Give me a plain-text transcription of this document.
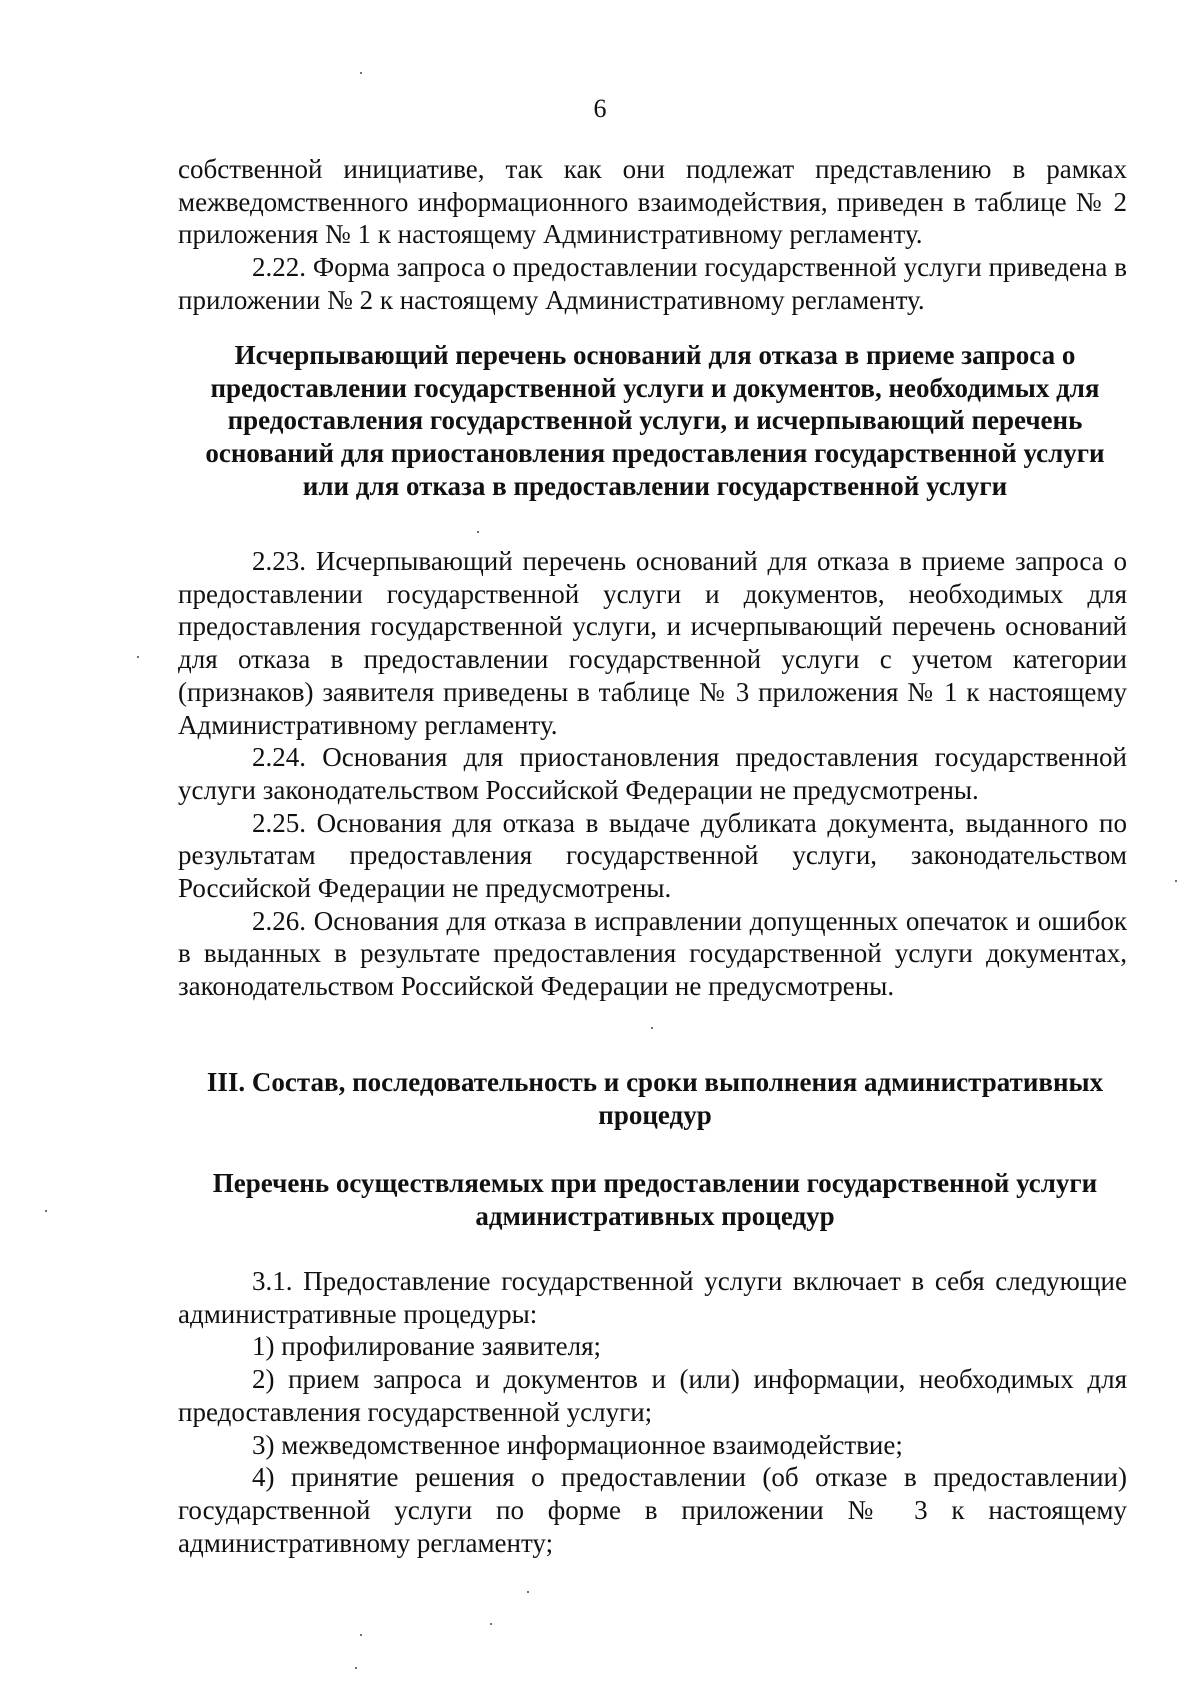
6

собственной инициативе, так как они подлежат представлению в рамках межведомственного информационного взаимодействия, приведен в таблице № 2 приложения № 1 к настоящему Административному регламенту.

2.22. Форма запроса о предоставлении государственной услуги приведена в приложении № 2 к настоящему Административному регламенту.

Исчерпывающий перечень оснований для отказа в приеме запроса о предоставлении государственной услуги и документов, необходимых для предоставления государственной услуги, и исчерпывающий перечень оснований для приостановления предоставления государственной услуги или для отказа в предоставлении государственной услуги

2.23. Исчерпывающий перечень оснований для отказа в приеме запроса о предоставлении государственной услуги и документов, необходимых для предоставления государственной услуги, и исчерпывающий перечень оснований для отказа в предоставлении государственной услуги с учетом категории (признаков) заявителя приведены в таблице № 3 приложения № 1 к настоящему Административному регламенту.

2.24. Основания для приостановления предоставления государственной услуги законодательством Российской Федерации не предусмотрены.

2.25. Основания для отказа в выдаче дубликата документа, выданного по результатам предоставления государственной услуги, законодательством Российской Федерации не предусмотрены.

2.26. Основания для отказа в исправлении допущенных опечаток и ошибок в выданных в результате предоставления государственной услуги документах, законодательством Российской Федерации не предусмотрены.

III. Состав, последовательность и сроки выполнения административных процедур
Перечень осуществляемых при предоставлении государственной услуги административных процедур

3.1. Предоставление государственной услуги включает в себя следующие административные процедуры:

1) профилирование заявителя;

2) прием запроса и документов и (или) информации, необходимых для предоставления государственной услуги;

3) межведомственное информационное взаимодействие;

4) принятие решения о предоставлении (об отказе в предоставлении) государственной услуги по форме в приложении № 3 к настоящему административному регламенту;
